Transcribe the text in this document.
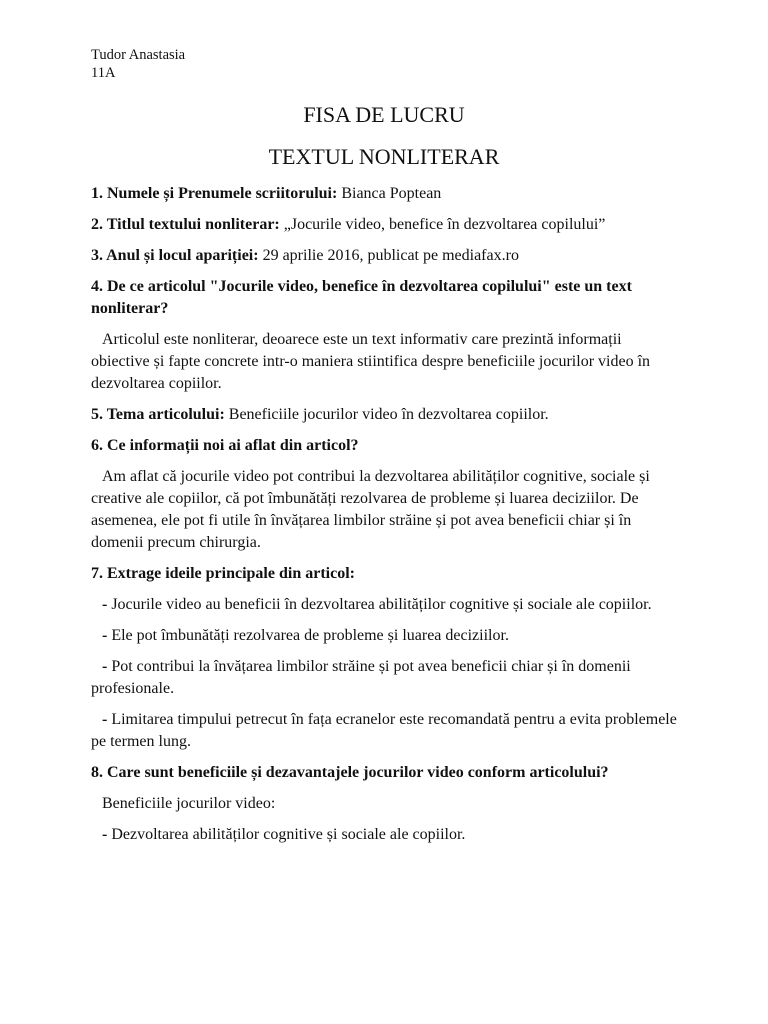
Tudor Anastasia
11A
FISA DE LUCRU
TEXTUL NONLITERAR

1. Numele și Prenumele scriitorului: Bianca Poptean

2. Titlul textului nonliterar: „Jocurile video, benefice în dezvoltarea copilului”

3. Anul și locul apariției: 29 aprilie 2016, publicat pe mediafax.ro

4. De ce articolul "Jocurile video, benefice în dezvoltarea copilului" este un text nonliterar?

Articolul este nonliterar, deoarece este un text informativ care prezintă informații obiective și fapte concrete intr-o maniera stiintifica despre beneficiile jocurilor video în dezvoltarea copiilor.

5. Tema articolului: Beneficiile jocurilor video în dezvoltarea copiilor.

6. Ce informații noi ai aflat din articol?

Am aflat că jocurile video pot contribui la dezvoltarea abilităților cognitive, sociale și creative ale copiilor, că pot îmbunătăți rezolvarea de probleme și luarea deciziilor. De asemenea, ele pot fi utile în învățarea limbilor străine și pot avea beneficii chiar și în domenii precum chirurgia.

7. Extrage ideile principale din articol:

- Jocurile video au beneficii în dezvoltarea abilităților cognitive și sociale ale copiilor.

- Ele pot îmbunătăți rezolvarea de probleme și luarea deciziilor.

- Pot contribui la învățarea limbilor străine și pot avea beneficii chiar și în domenii profesionale.

- Limitarea timpului petrecut în fața ecranelor este recomandată pentru a evita problemele pe termen lung.

8. Care sunt beneficiile și dezavantajele jocurilor video conform articolului?

Beneficiile jocurilor video:

- Dezvoltarea abilităților cognitive și sociale ale copiilor.
